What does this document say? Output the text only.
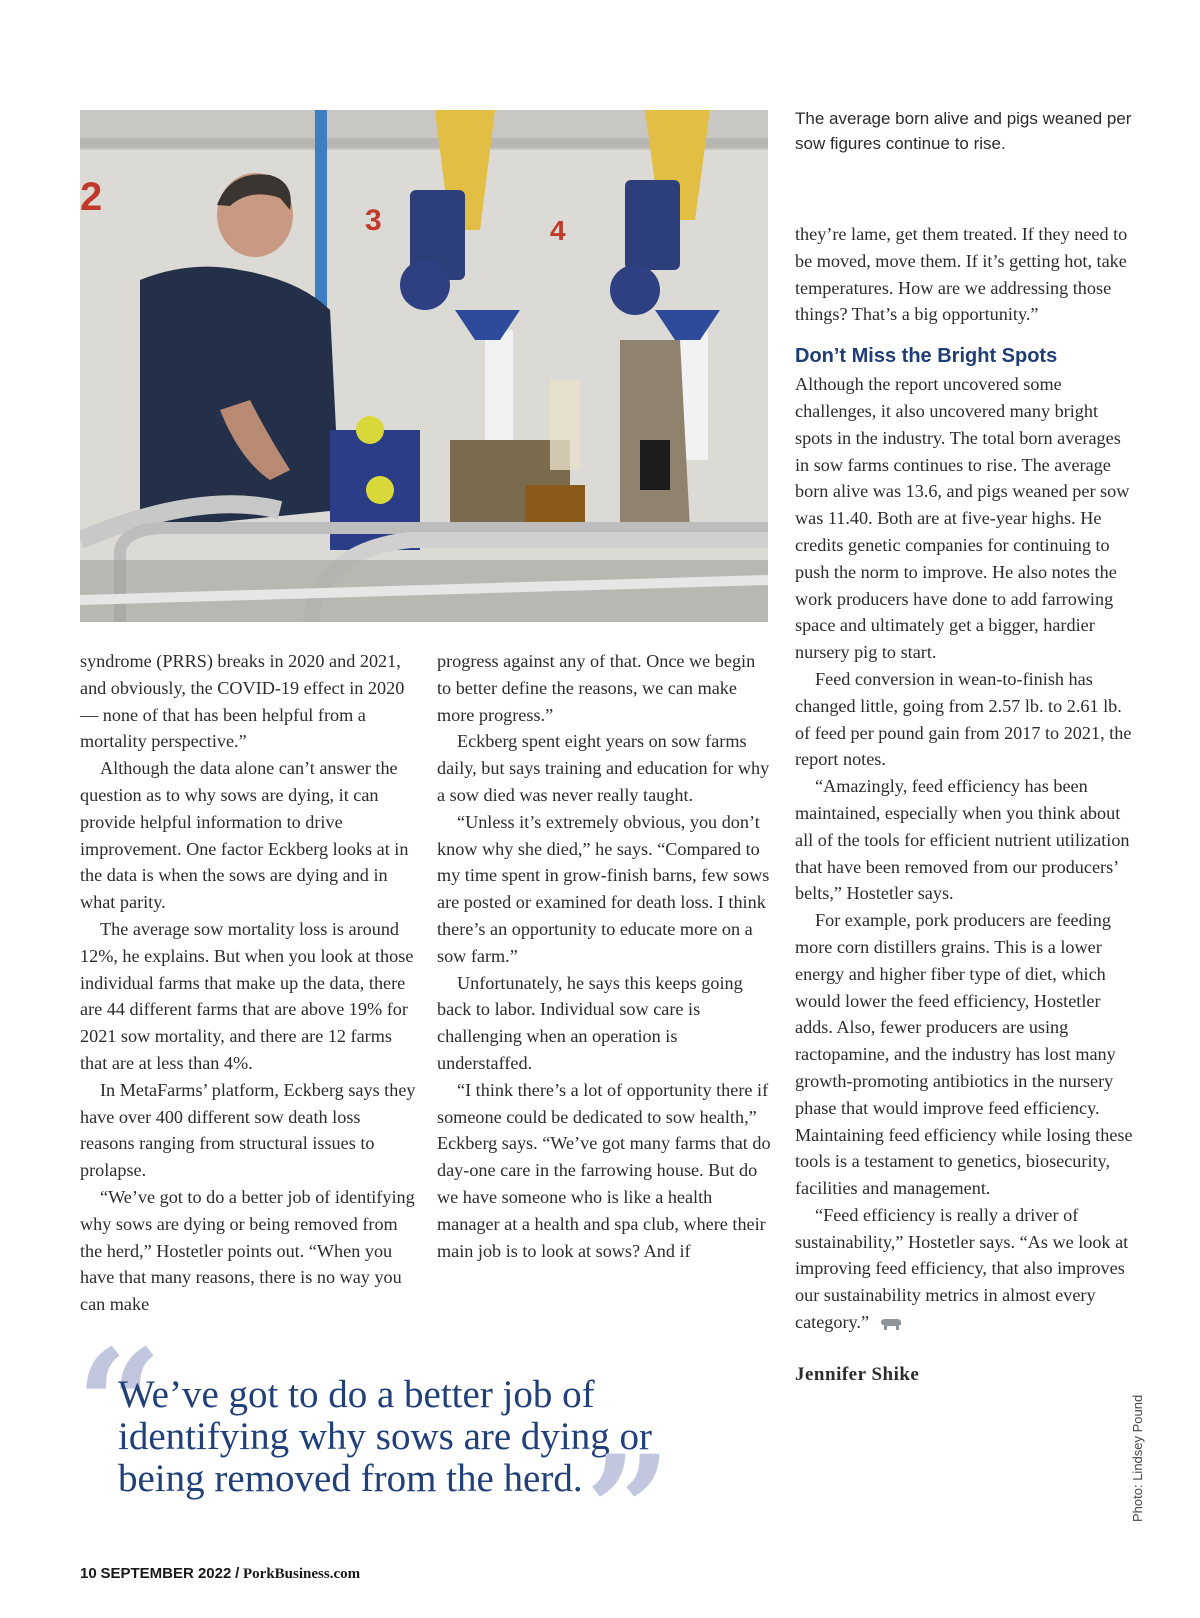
2
3	4
The average born alive and pigs weaned per sow figures continue to rise.

syndrome (PRRS) breaks in 2020 and 2021, and obviously, the COVID-19 effect in 2020 — none of that has been helpful from a mortality perspective.”

Although the data alone can’t answer the question as to why sows are dying, it can provide helpful information to drive improvement. One factor Eckberg looks at in the data is when the sows are dying and in what parity.

The average sow mortality loss is around 12%, he explains. But when you look at those individual farms that make up the data, there are 44 different farms that are above 19% for 2021 sow mortality, and there are 12 farms that are at less than 4%.

In MetaFarms’ platform, Eckberg says they have over 400 different sow death loss reasons ranging from structural issues to prolapse.

“We’ve got to do a better job of identifying why sows are dying or being removed from the herd,” Hostetler points out. “When you have that many reasons, there is no way you can make

progress against any of that. Once we begin to better define the reasons, we can make more progress.”

Eckberg spent eight years on sow farms daily, but says training and education for why a sow died was never really taught.

“Unless it’s extremely obvious, you don’t know why she died,” he says. “Compared to my time spent in grow-finish barns, few sows are posted or examined for death loss. I think there’s an opportunity to educate more on a sow farm.”

Unfortunately, he says this keeps going back to labor. Individual sow care is challenging when an operation is understaffed.

“I think there’s a lot of opportunity there if someone could be dedicated to sow health,” Eckberg says. “We’ve got many farms that do day-one care in the farrowing house. But do we have someone who is like a health manager at a health and spa club, where their main job is to look at sows? And if

they’re lame, get them treated. If they need to be moved, move them. If it’s getting hot, take temperatures. How are we addressing those things? That’s a big opportunity.”

Don’t Miss the Bright Spots

Although the report uncovered some challenges, it also uncovered many bright spots in the industry. The total born averages in sow farms continues to rise. The average born alive was 13.6, and pigs weaned per sow was 11.40. Both are at five-year highs. He credits genetic companies for continuing to push the norm to improve. He also notes the work producers have done to add farrowing space and ultimately get a bigger, hardier nursery pig to start.

Feed conversion in wean-to-finish has changed little, going from 2.57 lb. to 2.61 lb. of feed per pound gain from 2017 to 2021, the report notes.

“Amazingly, feed efficiency has been maintained, especially when you think about all of the tools for efficient nutrient utilization that have been removed from our producers’ belts,” Hostetler says.

For example, pork producers are feeding more corn distillers grains. This is a lower energy and higher fiber type of diet, which would lower the feed efficiency, Hostetler adds. Also, fewer producers are using ractopamine, and the industry has lost many growth-promoting antibiotics in the nursery phase that would improve feed efficiency. Maintaining feed efficiency while losing these tools is a testament to genetics, biosecurity, facilities and management.

“Feed efficiency is really a driver of sustainability,” Hostetler says. “As we look at improving feed efficiency, that also improves our sustainability metrics in almost every category.”

Jennifer Shike

“
We’ve got to do a better job of identifying why sows are dying or being removed from the herd. ”	Photo: Lindsey Pound
10 SEPTEMBER 2022 / PorkBusiness.com
